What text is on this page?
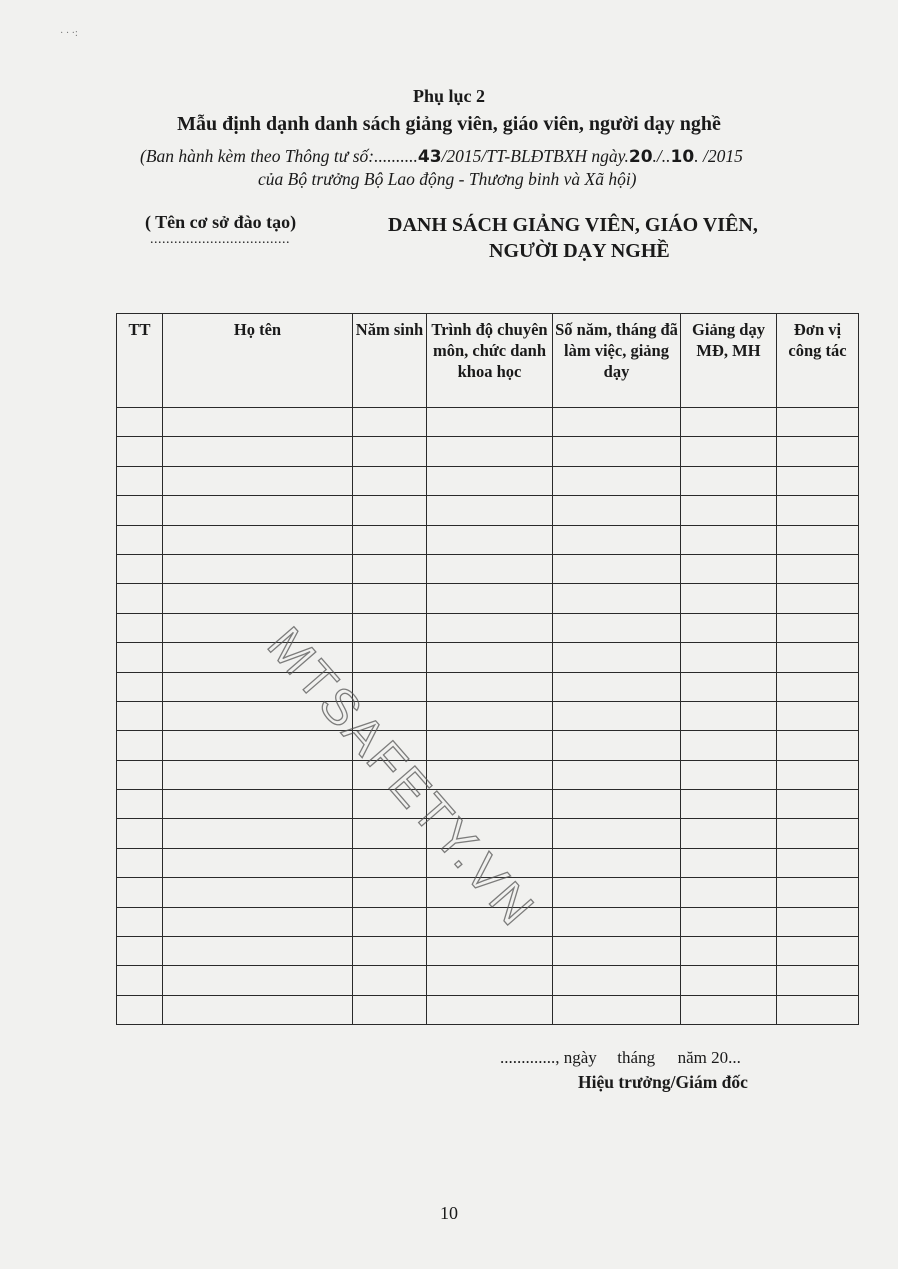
· · ·:
Phụ lục 2
Mẫu định dạnh danh sách giảng viên, giáo viên, người dạy nghề
(Ban hành kèm theo Thông tư số:..........43/2015/TT-BLĐTBXH ngày.20./..10. /2015
của Bộ trưởng Bộ Lao động - Thương binh và Xã hội)
( Tên cơ sở đào tạo)
...................................
DANH SÁCH GIẢNG VIÊN, GIÁO VIÊN,
NGƯỜI DẠY NGHỀ
TT	Họ tên	Năm sinh	Trình độ chuyên môn, chức danh khoa học	Số năm, tháng đã làm việc, giảng dạy	Giảng dạy MĐ, MH	Đơn vị công tác

............., ngày tháng năm 20...
Hiệu trưởng/Giám đốc
10
MTSAFETY.VN
